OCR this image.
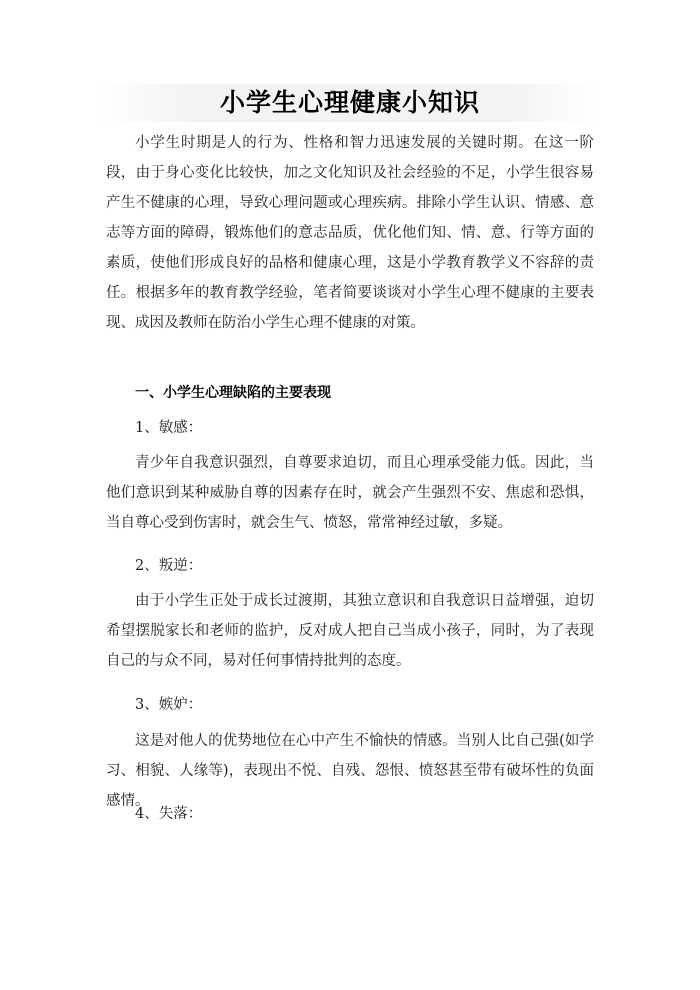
小学生心理健康小知识

小学生时期是人的行为、性格和智力迅速发展的关键时期。在这一阶段，由于身心变化比较快，加之文化知识及社会经验的不足，小学生很容易产生不健康的心理，导致心理问题或心理疾病。排除小学生认识、情感、意志等方面的障碍，锻炼他们的意志品质，优化他们知、情、意、行等方面的素质，使他们形成良好的品格和健康心理，这是小学教育教学义不容辞的责任。根据多年的教育教学经验，笔者简要谈谈对小学生心理不健康的主要表现、成因及教师在防治小学生心理不健康的对策。

一、小学生心理缺陷的主要表现

1、敏感：

青少年自我意识强烈，自尊要求迫切，而且心理承受能力低。因此，当他们意识到某种威胁自尊的因素存在时，就会产生强烈不安、焦虑和恐惧，当自尊心受到伤害时，就会生气、愤怒，常常神经过敏，多疑。

2、叛逆：

由于小学生正处于成长过渡期，其独立意识和自我意识日益增强，迫切希望摆脱家长和老师的监护，反对成人把自己当成小孩子，同时，为了表现自己的与众不同，易对任何事情持批判的态度。

3、嫉妒：

这是对他人的优势地位在心中产生不愉快的情感。当别人比自己强(如学习、相貌、人缘等)，表现出不悦、自残、怨恨、愤怒甚至带有破坏性的负面感情。

4、失落：
